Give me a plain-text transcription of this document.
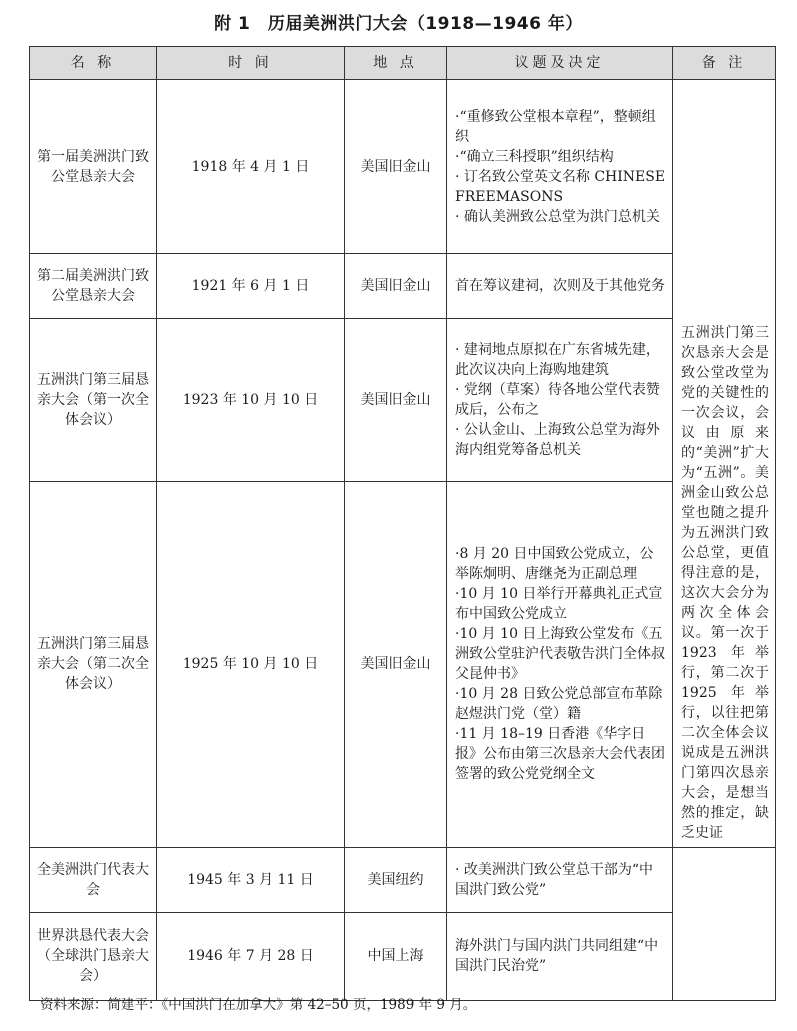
附 1　历届美洲洪门大会（1918—1946 年）
名 称	时 间	地 点	议题及决定	备 注
第一届美洲洪门致公堂恳亲大会	1918 年 4 月 1 日	美国旧金山	·“重修致公堂根本章程”，整顿组织
·“确立三科授职”组织结构
· 订名致公堂英文名称 CHINESE FREEMASONS
· 确认美洲致公总堂为洪门总机关	

第二届美洲洪门致公堂恳亲大会	1921 年 6 月 1 日	美国旧金山	首在筹议建祠，次则及于其他党务	

五洲洪门第三届恳亲大会（第一次全体会议）	1923 年 10 月 10 日	美国旧金山	· 建祠地点原拟在广东省城先建，此次议决向上海购地建筑
· 党纲（草案）待各地公堂代表赞成后，公布之
· 公认金山、上海致公总堂为海外海内组党筹备总机关	五洲洪门第三次恳亲大会是致公堂改堂为党的关键性的一次会议，会议由原来的“美洲”扩大为“五洲”。美洲金山致公总堂也随之提升为五洲洪门致公总堂，更值得注意的是，这次大会分为两次全体会议。第一次于 1923 年举行，第二次于 1925 年举行，以往把第二次全体会议说成是五洲洪门第四次恳亲大会，是想当然的推定，缺乏史证
五洲洪门第三届恳亲大会（第二次全体会议）	1925 年 10 月 10 日	美国旧金山	·8 月 20 日中国致公党成立，公举陈炯明、唐继尧为正副总理
·10 月 10 日举行开幕典礼正式宣布中国致公党成立
·10 月 10 日上海致公堂发布《五洲致公堂驻沪代表敬告洪门全体叔父昆仲书》
·10 月 28 日致公党总部宣布革除赵煜洪门党（堂）籍
·11 月 18–19 日香港《华字日报》公布由第三次恳亲大会代表团签署的致公党党纲全文	

全美洲洪门代表大会	1945 年 3 月 11 日	美国纽约	· 改美洲洪门致公堂总干部为“中国洪门致公党”	

世界洪恳代表大会（全球洪门恳亲大会）	1946 年 7 月 28 日	中国上海	海外洪门与国内洪门共同组建“中国洪门民治党”	
资料来源：简建平：《中国洪门在加拿大》第 42–50 页，1989 年 9 月。
